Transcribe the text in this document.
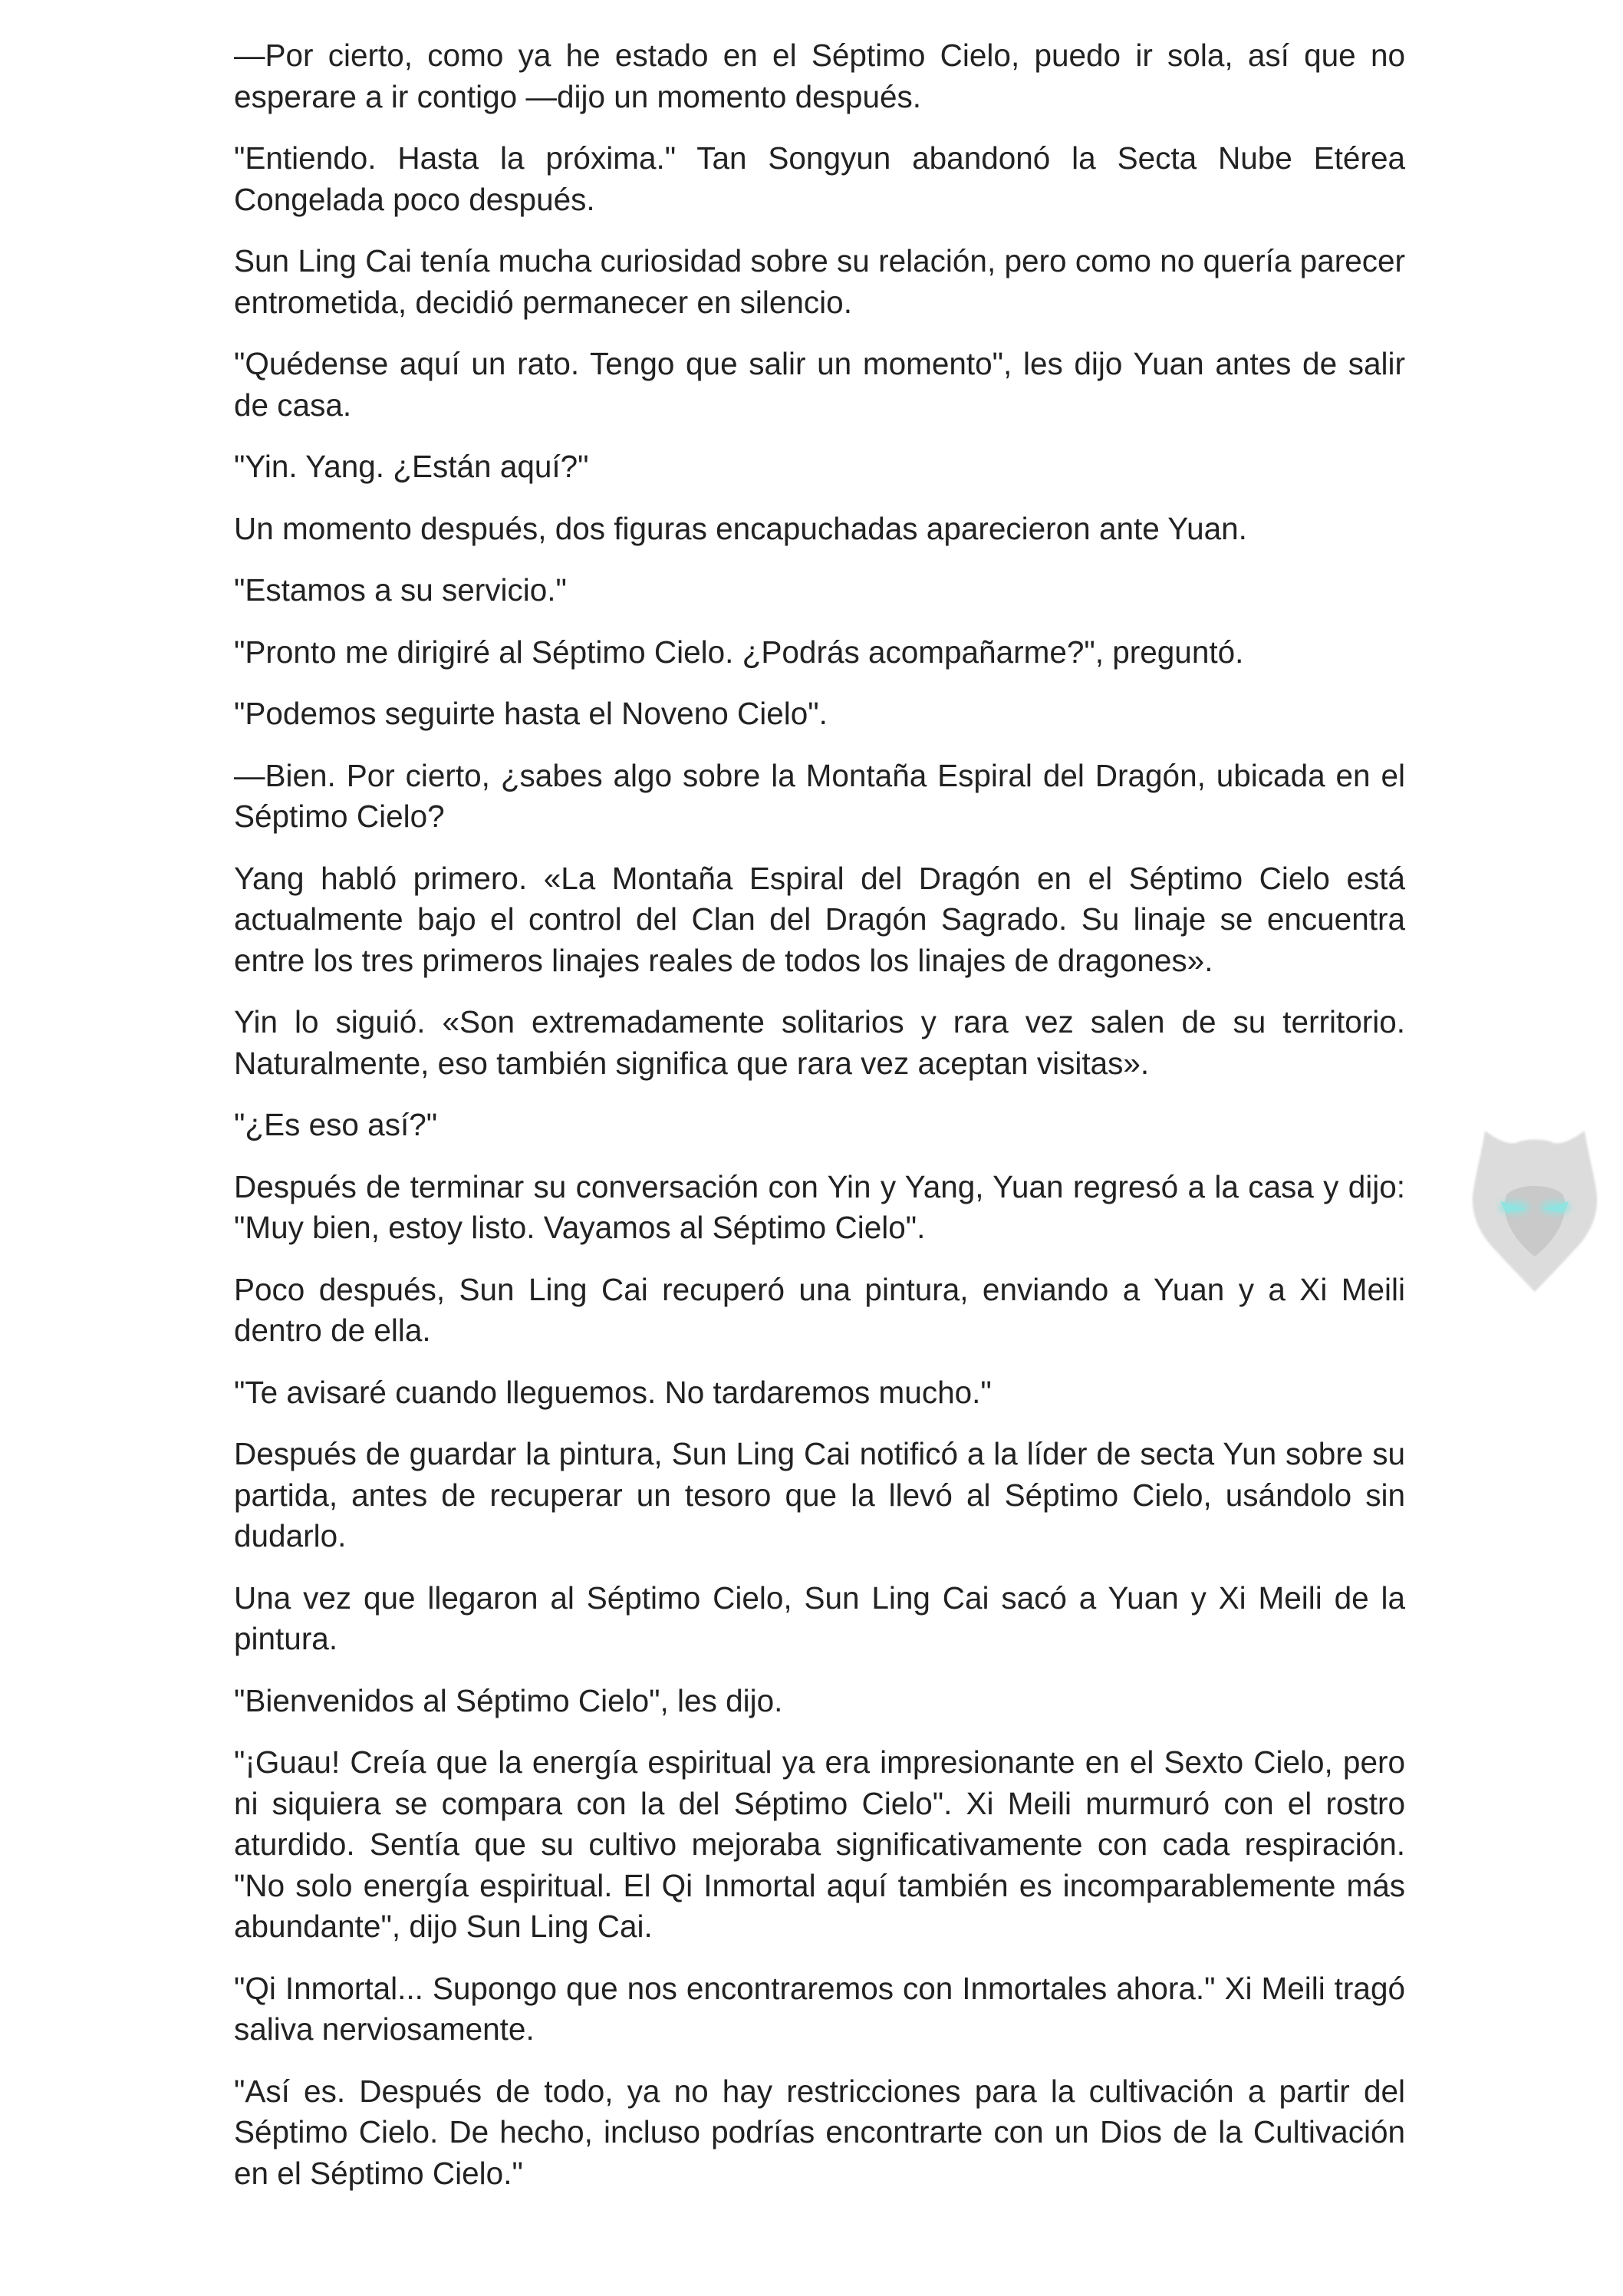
—Por cierto, como ya he estado en el Séptimo Cielo, puedo ir sola, así que no esperare a ir contigo —dijo un momento después.

"Entiendo. Hasta la próxima." Tan Songyun abandonó la Secta Nube Etérea Congelada poco después.

Sun Ling Cai tenía mucha curiosidad sobre su relación, pero como no quería parecer entrometida, decidió permanecer en silencio.

"Quédense aquí un rato. Tengo que salir un momento", les dijo Yuan antes de salir de casa.

"Yin. Yang. ¿Están aquí?"

Un momento después, dos figuras encapuchadas aparecieron ante Yuan.

"Estamos a su servicio."

"Pronto me dirigiré al Séptimo Cielo. ¿Podrás acompañarme?", preguntó.

"Podemos seguirte hasta el Noveno Cielo".

—Bien. Por cierto, ¿sabes algo sobre la Montaña Espiral del Dragón, ubicada en el Séptimo Cielo?

Yang habló primero. «La Montaña Espiral del Dragón en el Séptimo Cielo está actualmente bajo el control del Clan del Dragón Sagrado. Su linaje se encuentra entre los tres primeros linajes reales de todos los linajes de dragones».

Yin lo siguió. «Son extremadamente solitarios y rara vez salen de su territorio. Naturalmente, eso también significa que rara vez aceptan visitas».

"¿Es eso así?"

Después de terminar su conversación con Yin y Yang, Yuan regresó a la casa y dijo: "Muy bien, estoy listo. Vayamos al Séptimo Cielo".

Poco después, Sun Ling Cai recuperó una pintura, enviando a Yuan y a Xi Meili dentro de ella.

"Te avisaré cuando lleguemos. No tardaremos mucho."

Después de guardar la pintura, Sun Ling Cai notificó a la líder de secta Yun sobre su partida, antes de recuperar un tesoro que la llevó al Séptimo Cielo, usándolo sin dudarlo.

Una vez que llegaron al Séptimo Cielo, Sun Ling Cai sacó a Yuan y Xi Meili de la pintura.

"Bienvenidos al Séptimo Cielo", les dijo.

"¡Guau! Creía que la energía espiritual ya era impresionante en el Sexto Cielo, pero ni siquiera se compara con la del Séptimo Cielo". Xi Meili murmuró con el rostro aturdido. Sentía que su cultivo mejoraba significativamente con cada respiración. "No solo energía espiritual. El Qi Inmortal aquí también es incomparablemente más abundante", dijo Sun Ling Cai.

"Qi Inmortal... Supongo que nos encontraremos con Inmortales ahora." Xi Meili tragó saliva nerviosamente.

"Así es. Después de todo, ya no hay restricciones para la cultivación a partir del Séptimo Cielo. De hecho, incluso podrías encontrarte con un Dios de la Cultivación en el Séptimo Cielo."
